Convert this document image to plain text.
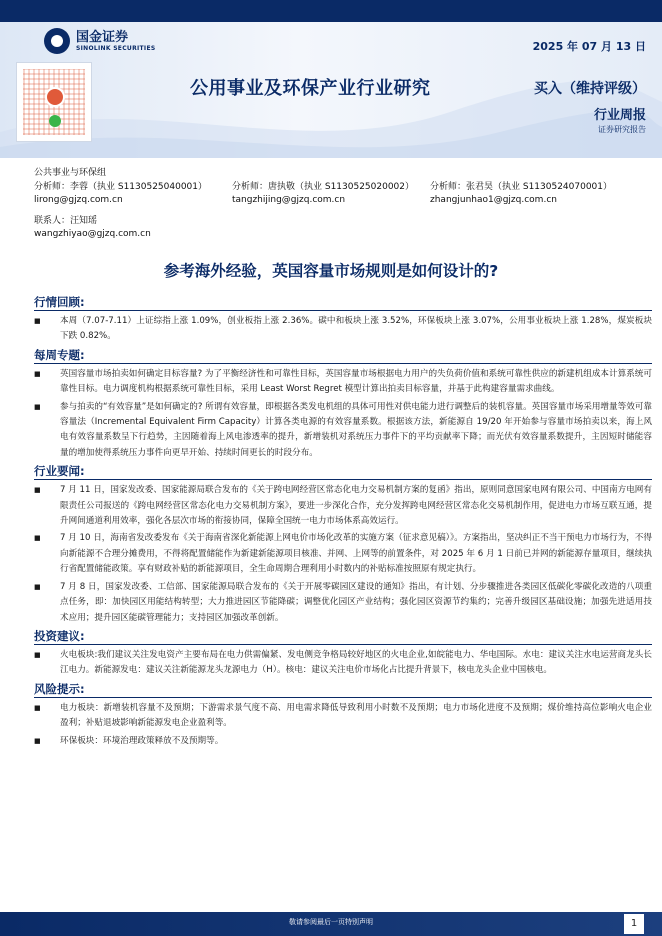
国金证券
SINOLINK SECURITIES	2025 年 07 月 13 日
公用事业及环保产业行业研究	买入（维持评级）
行业周报
证券研究报告
公共事业与环保组
分析师：李蓉（执业 S1130525040001）
lirong@gjzq.com.cn
分析师：唐执敬（执业 S1130525020002）
tangzhijing@gjzq.com.cn
分析师：张君昊（执业 S1130524070001）
zhangjunhao1@gjzq.com.cn
联系人：汪知瑶
wangzhiyao@gjzq.com.cn
参考海外经验，英国容量市场规则是如何设计的?
行情回顾:
■	本周（7.07-7.11）上证综指上涨 1.09%，创业板指上涨 2.36%。碳中和板块上涨 3.52%，环保板块上涨 3.07%，公用事业板块上涨 1.28%，煤炭板块下跌 0.82%。
每周专题:
■	英国容量市场拍卖如何确定目标容量? 为了平衡经济性和可靠性目标，英国容量市场根据电力用户的失负荷价值和系统可靠性供应的新建机组成本计算系统可靠性目标。电力调度机构根据系统可靠性目标，采用 Least Worst Regret 模型计算出拍卖目标容量，并基于此构建容量需求曲线。
■	参与拍卖的“有效容量”是如何确定的? 所谓有效容量，即根据各类发电机组的具体可用性对供电能力进行调整后的装机容量。英国容量市场采用增量等效可靠容量法（Incremental Equivalent Firm Capacity）计算各类电源的有效容量系数。根据该方法，新能源自 19/20 年开始参与容量市场拍卖以来，海上风电有效容量系数呈下行趋势，主因随着海上风电渗透率的提升，新增装机对系统压力事件下的平均贡献率下降；而光伏有效容量系数提升，主因短时储能容量的增加使得系统压力事件向更早开始、持续时间更长的时段分布。
行业要闻:
■	7 月 11 日，国家发改委、国家能源局联合发布的《关于跨电网经营区常态化电力交易机制方案的复函》指出，原则同意国家电网有限公司、中国南方电网有限责任公司报送的《跨电网经营区常态化电力交易机制方案》，要进一步深化合作，充分发挥跨电网经营区常态化交易机制作用，促进电力市场互联互通，提升网间通道利用效率，强化各层次市场的衔接协同，保障全国统一电力市场体系高效运行。
■	7 月 10 日，海南省发改委发布《关于海南省深化新能源上网电价市场化改革的实施方案（征求意见稿）》。方案指出，坚决纠正不当干预电力市场行为，不得向新能源不合理分摊费用，不得将配置储能作为新建新能源项目核准、并网、上网等的前置条件，对 2025 年 6 月 1 日前已并网的新能源存量项目，继续执行省配置储能政策。享有财政补贴的新能源项目，全生命周期合理利用小时数内的补贴标准按照原有规定执行。
■	7 月 8 日，国家发改委、工信部、国家能源局联合发布的《关于开展零碳园区建设的通知》指出，有计划、分步骤推进各类园区低碳化零碳化改造的八项重点任务，即：加快园区用能结构转型；大力推进园区节能降碳；调整优化园区产业结构；强化园区资源节约集约；完善升级园区基础设施；加强先进适用技术应用；提升园区能碳管理能力；支持园区加强改革创新。
投资建议:
■	火电板块:我们建议关注发电资产主要布局在电力供需偏紧、发电侧竞争格局较好地区的火电企业,如皖能电力、华电国际。水电：建议关注水电运营商龙头长江电力。新能源发电：建议关注新能源龙头龙源电力（H）。核电：建议关注电价市场化占比提升背景下，核电龙头企业中国核电。
风险提示:
■	电力板块：新增装机容量不及预期；下游需求景气度不高、用电需求降低导致利用小时数不及预期；电力市场化进度不及预期；煤价维持高位影响火电企业盈利；补贴退坡影响新能源发电企业盈利等。
■	环保板块：环境治理政策释放不及预期等。
敬请参阅最后一页特别声明	1
